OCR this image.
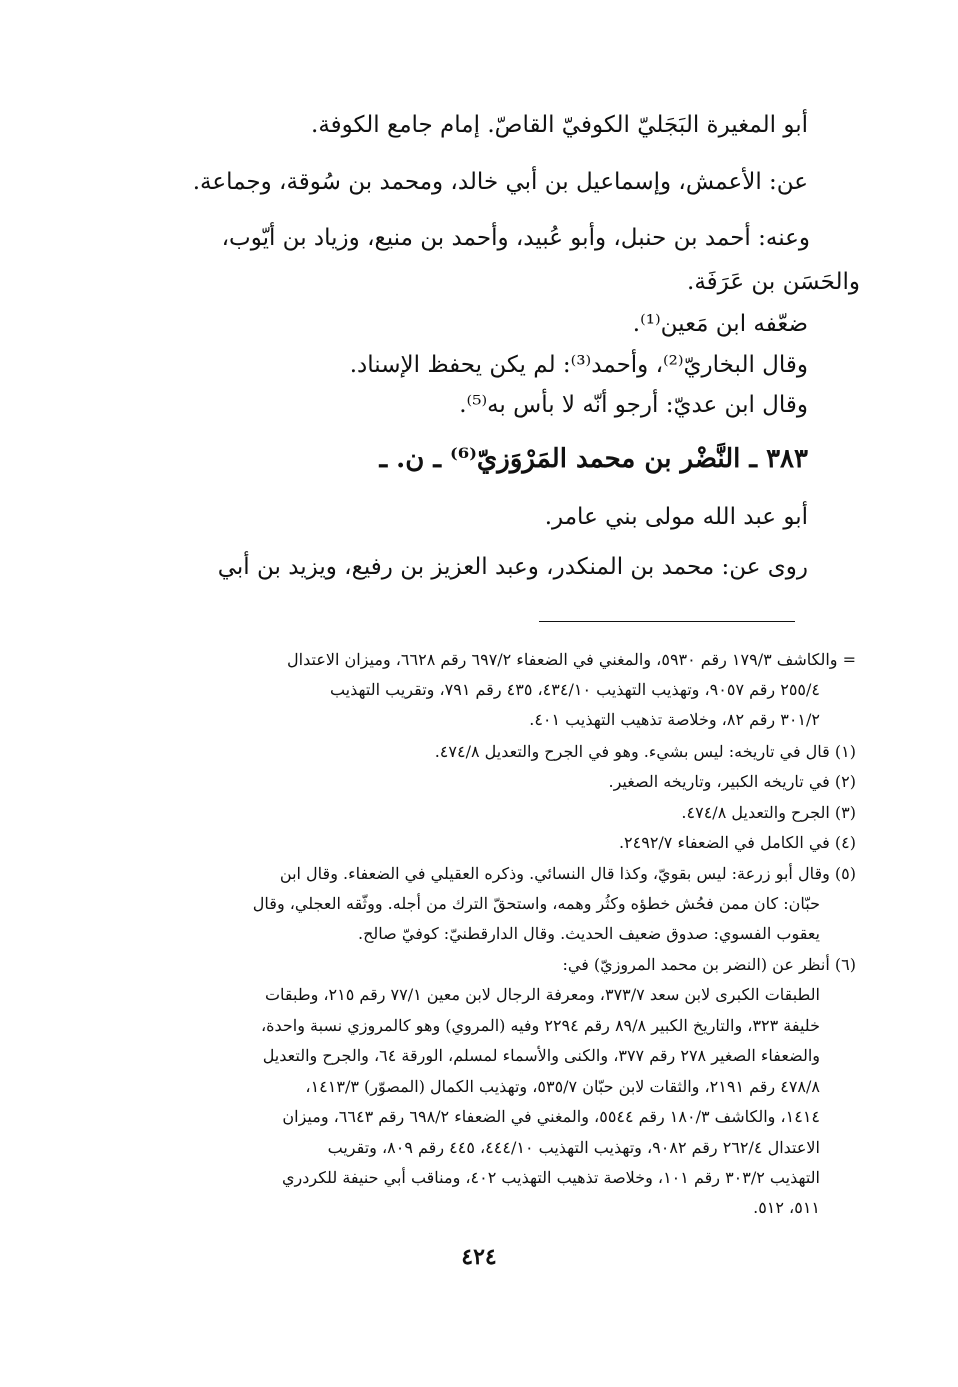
أبو المغيرة البَجَليّ الكوفيّ القاصّ. إمام جامع الكوفة.
عن: الأعمش، وإسماعيل بن أبي خالد، ومحمد بن سُوقة، وجماعة.
وعنه: أحمد بن حنبل، وأبو عُبيد، وأحمد بن منيع، وزياد بن أيّوب،
والحَسَن بن عَرَفَة.
ضعّفه ابن مَعين⁽¹⁾.
وقال البخاريّ⁽²⁾، وأحمد⁽³⁾: لم يكن يحفظ الإسناد.
وقال ابن عديّ: أرجو أنّه لا بأس به⁽⁵⁾.
٣٨٣ ـ النَّضْر بن محمد المَرْوَزيّ⁽⁶⁾ ـ ن. ـ
أبو عبد الله مولى بني عامر.
روى عن: محمد بن المنكدر، وعبد العزيز بن رفيع، ويزيد بن أبي
= والكاشف ١٧٩/٣ رقم ٥٩٣٠، والمغني في الضعفاء ٦٩٧/٢ رقم ٦٦٢٨، وميزان الاعتدال
٢٥٥/٤ رقم ٩٠٥٧، وتهذيب التهذيب ٤٣٤/١٠، ٤٣٥ رقم ٧٩١، وتقريب التهذيب
٣٠١/٢ رقم ٨٢، وخلاصة تذهيب التهذيب ٤٠١.
(١) قال في تاريخه: ليس بشيء. وهو في الجرح والتعديل ٤٧٤/٨.
(٢) في تاريخه الكبير، وتاريخه الصغير.
(٣) الجرح والتعديل ٤٧٤/٨.
(٤) في الكامل في الضعفاء ٢٤٩٢/٧.
(٥) وقال أبو زرعة: ليس بقويّ، وكذا قال النسائي. وذكره العقيلي في الضعفاء. وقال ابن
حبّان: كان ممن فحُش خطؤه وكثُر وهمه، واستحقّ الترك من أجله. ووثّقه العجلي، وقال
يعقوب الفسوي: صدوق ضعيف الحديث. وقال الدارقطنيّ: كوفيّ صالح.
(٦) أنظر عن (النضر بن محمد المروزيّ) في:
الطبقات الكبرى لابن سعد ٣٧٣/٧، ومعرفة الرجال لابن معين ٧٧/١ رقم ٢١٥، وطبقات
خليفة ٣٢٣، والتاريخ الكبير ٨٩/٨ رقم ٢٢٩٤ وفيه (المروي) وهو كالمروزي نسبة واحدة،
والضعفاء الصغير ٢٧٨ رقم ٣٧٧، والكنى والأسماء لمسلم، الورقة ٦٤، والجرح والتعديل
٤٧٨/٨ رقم ٢١٩١، والثقات لابن حبّان ٥٣٥/٧، وتهذيب الكمال (المصوّر) ١٤١٣/٣،
١٤١٤، والكاشف ١٨٠/٣ رقم ٥٥٤٤، والمغني في الضعفاء ٦٩٨/٢ رقم ٦٦٤٣، وميزان
الاعتدال ٢٦٢/٤ رقم ٩٠٨٢، وتهذيب التهذيب ٤٤٤/١٠، ٤٤٥ رقم ٨٠٩، وتقريب
التهذيب ٣٠٣/٢ رقم ١٠١، وخلاصة تذهيب التهذيب ٤٠٢، ومناقب أبي حنيفة للكردري
٥١١، ٥١٢.
٤٢٤
